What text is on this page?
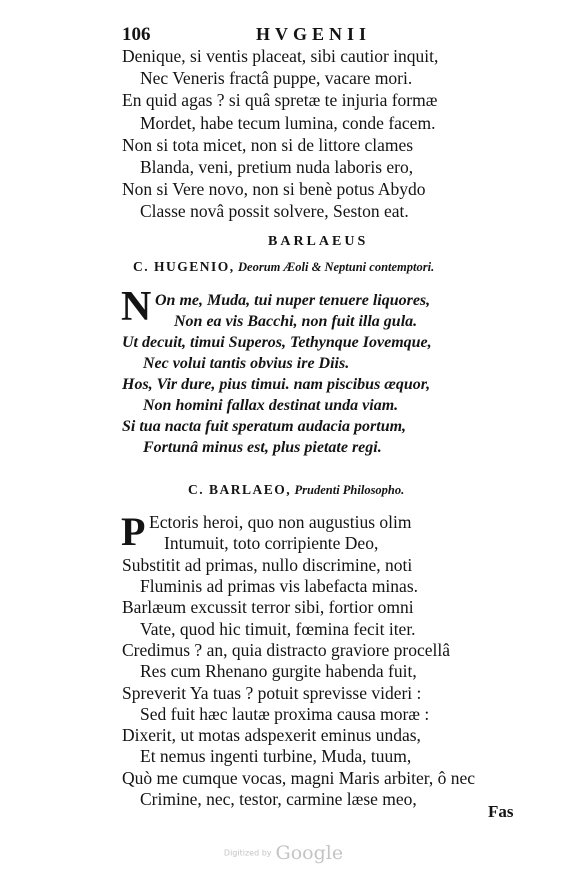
106	HVGENII
Denique, si ventis placeat, sibi cautior inquit,
Nec Veneris fractâ puppe, vacare mori.
En quid agas ? si quâ spretæ te injuria formæ
Mordet, habe tecum lumina, conde facem.
Non si tota micet, non si de littore clames
Blanda, veni, pretium nuda laboris ero,
Non si Vere novo, non si benè potus Abydo
Classe novâ possit solvere, Seston eat.
BARLAEUS
C. HUGENIO, Deorum Æoli & Neptuni contemptori.
N On me, Muda, tui nuper tenuere liquores,
Non ea vis Bacchi, non fuit illa gula.
Ut decuit, timui Superos, Tethynque Iovemque,
Nec volui tantis obvius ire Diis.
Hos, Vir dure, pius timui. nam piscibus æquor,
Non homini fallax destinat unda viam.
Si tua nacta fuit speratum audacia portum,
Fortunâ minus est, plus pietate regi.
C. BARLAEO, Prudenti Philosopho.
P Ectoris heroi, quo non augustius olim
Intumuit, toto corripiente Deo,
Substitit ad primas, nullo discrimine, noti
Fluminis ad primas vis labefacta minas.
Barlæum excussit terror sibi, fortior omni
Vate, quod hic timuit, fœmina fecit iter.
Credimus ? an, quia distracto graviore procellâ
Res cum Rhenano gurgite habenda fuit,
Spreverit Ya tuas ? potuit sprevisse videri :
Sed fuit hæc lautæ proxima causa moræ :
Dixerit, ut motas adspexerit eminus undas,
Et nemus ingenti turbine, Muda, tuum,
Quò me cumque vocas, magni Maris arbiter, ô nec
Crimine, nec, testor, carmine læse meo,
Fas
Digitized by Google
